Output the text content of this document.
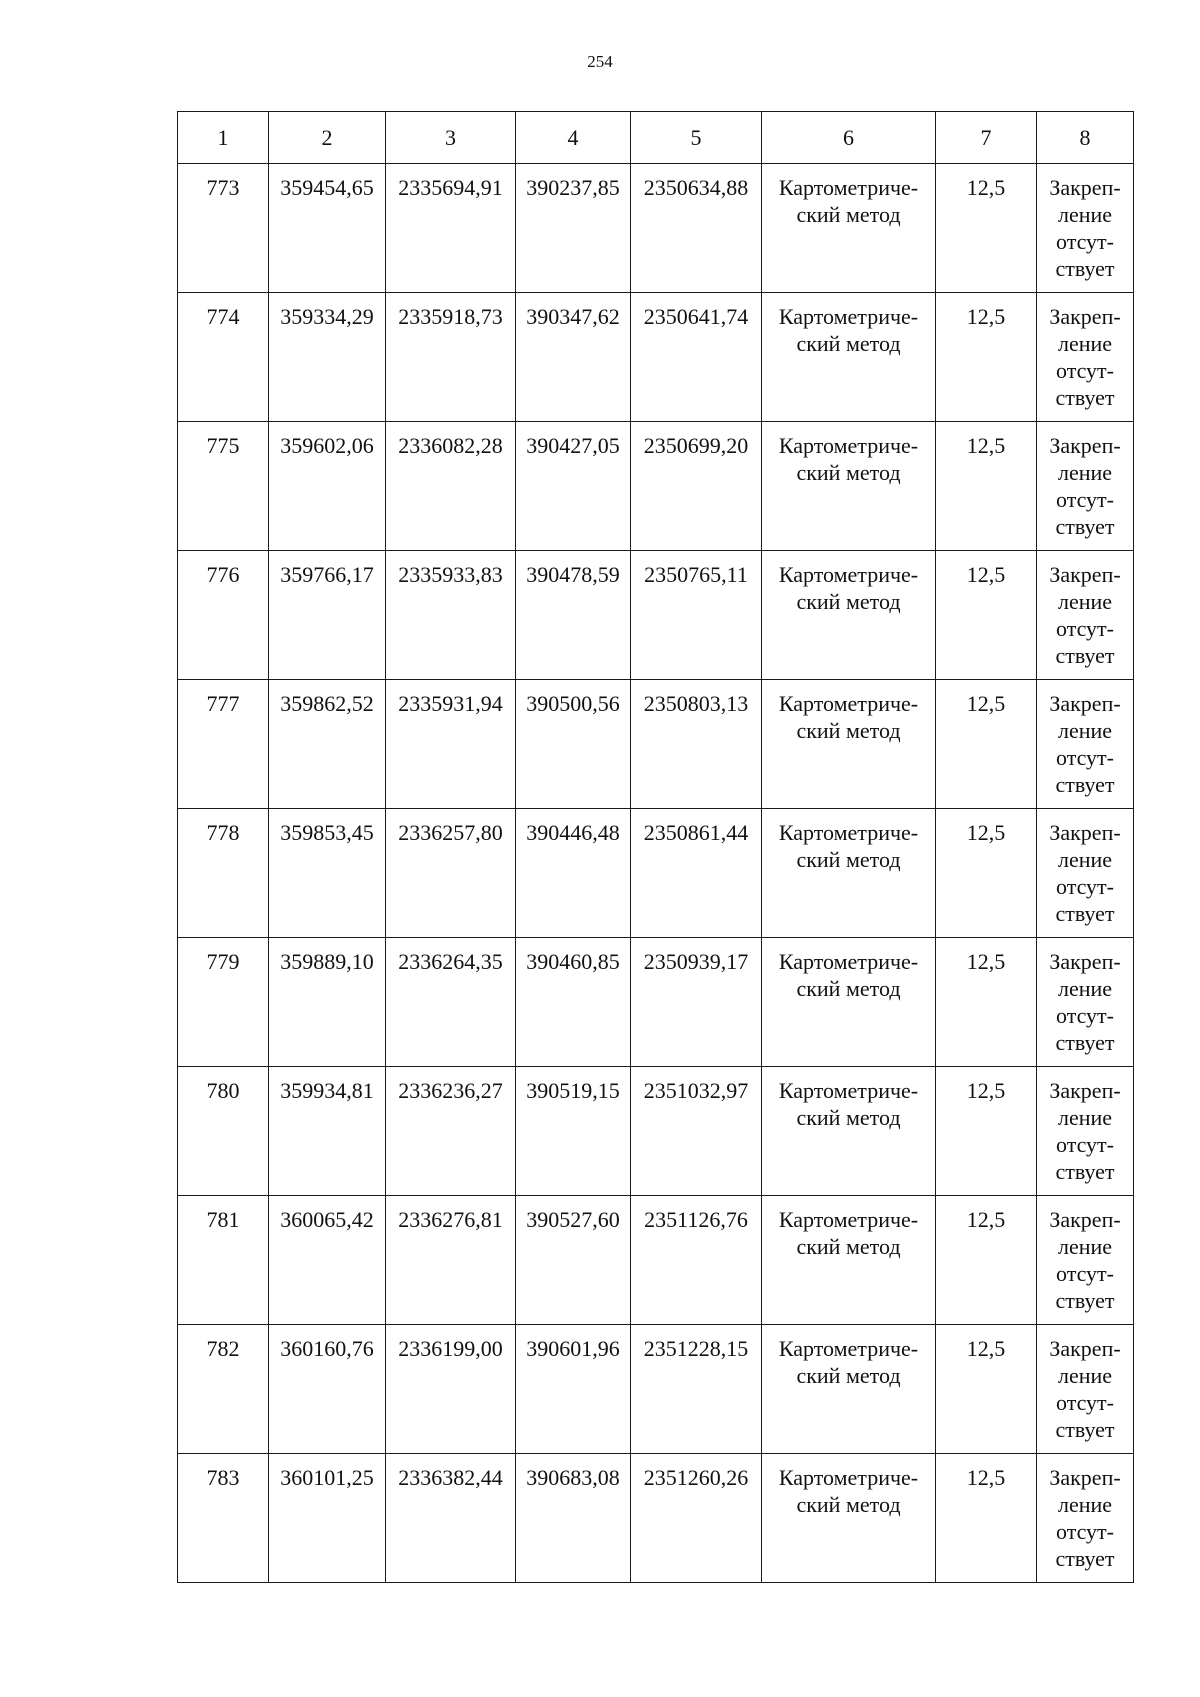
254
1	2	3	4	5	6	7	8
773	359454,65	2335694,91	390237,85	2350634,88	Картометриче-
ский метод	12,5	Закреп-
ление
отсут-
ствует

774	359334,29	2335918,73	390347,62	2350641,74	Картометриче-
ский метод	12,5	Закреп-
ление
отсут-
ствует

775	359602,06	2336082,28	390427,05	2350699,20	Картометриче-
ский метод	12,5	Закреп-
ление
отсут-
ствует

776	359766,17	2335933,83	390478,59	2350765,11	Картометриче-
ский метод	12,5	Закреп-
ление
отсут-
ствует

777	359862,52	2335931,94	390500,56	2350803,13	Картометриче-
ский метод	12,5	Закреп-
ление
отсут-
ствует

778	359853,45	2336257,80	390446,48	2350861,44	Картометриче-
ский метод	12,5	Закреп-
ление
отсут-
ствует

779	359889,10	2336264,35	390460,85	2350939,17	Картометриче-
ский метод	12,5	Закреп-
ление
отсут-
ствует

780	359934,81	2336236,27	390519,15	2351032,97	Картометриче-
ский метод	12,5	Закреп-
ление
отсут-
ствует

781	360065,42	2336276,81	390527,60	2351126,76	Картометриче-
ский метод	12,5	Закреп-
ление
отсут-
ствует

782	360160,76	2336199,00	390601,96	2351228,15	Картометриче-
ский метод	12,5	Закреп-
ление
отсут-
ствует

783	360101,25	2336382,44	390683,08	2351260,26	Картометриче-
ский метод	12,5	Закреп-
ление
отсут-
ствует
